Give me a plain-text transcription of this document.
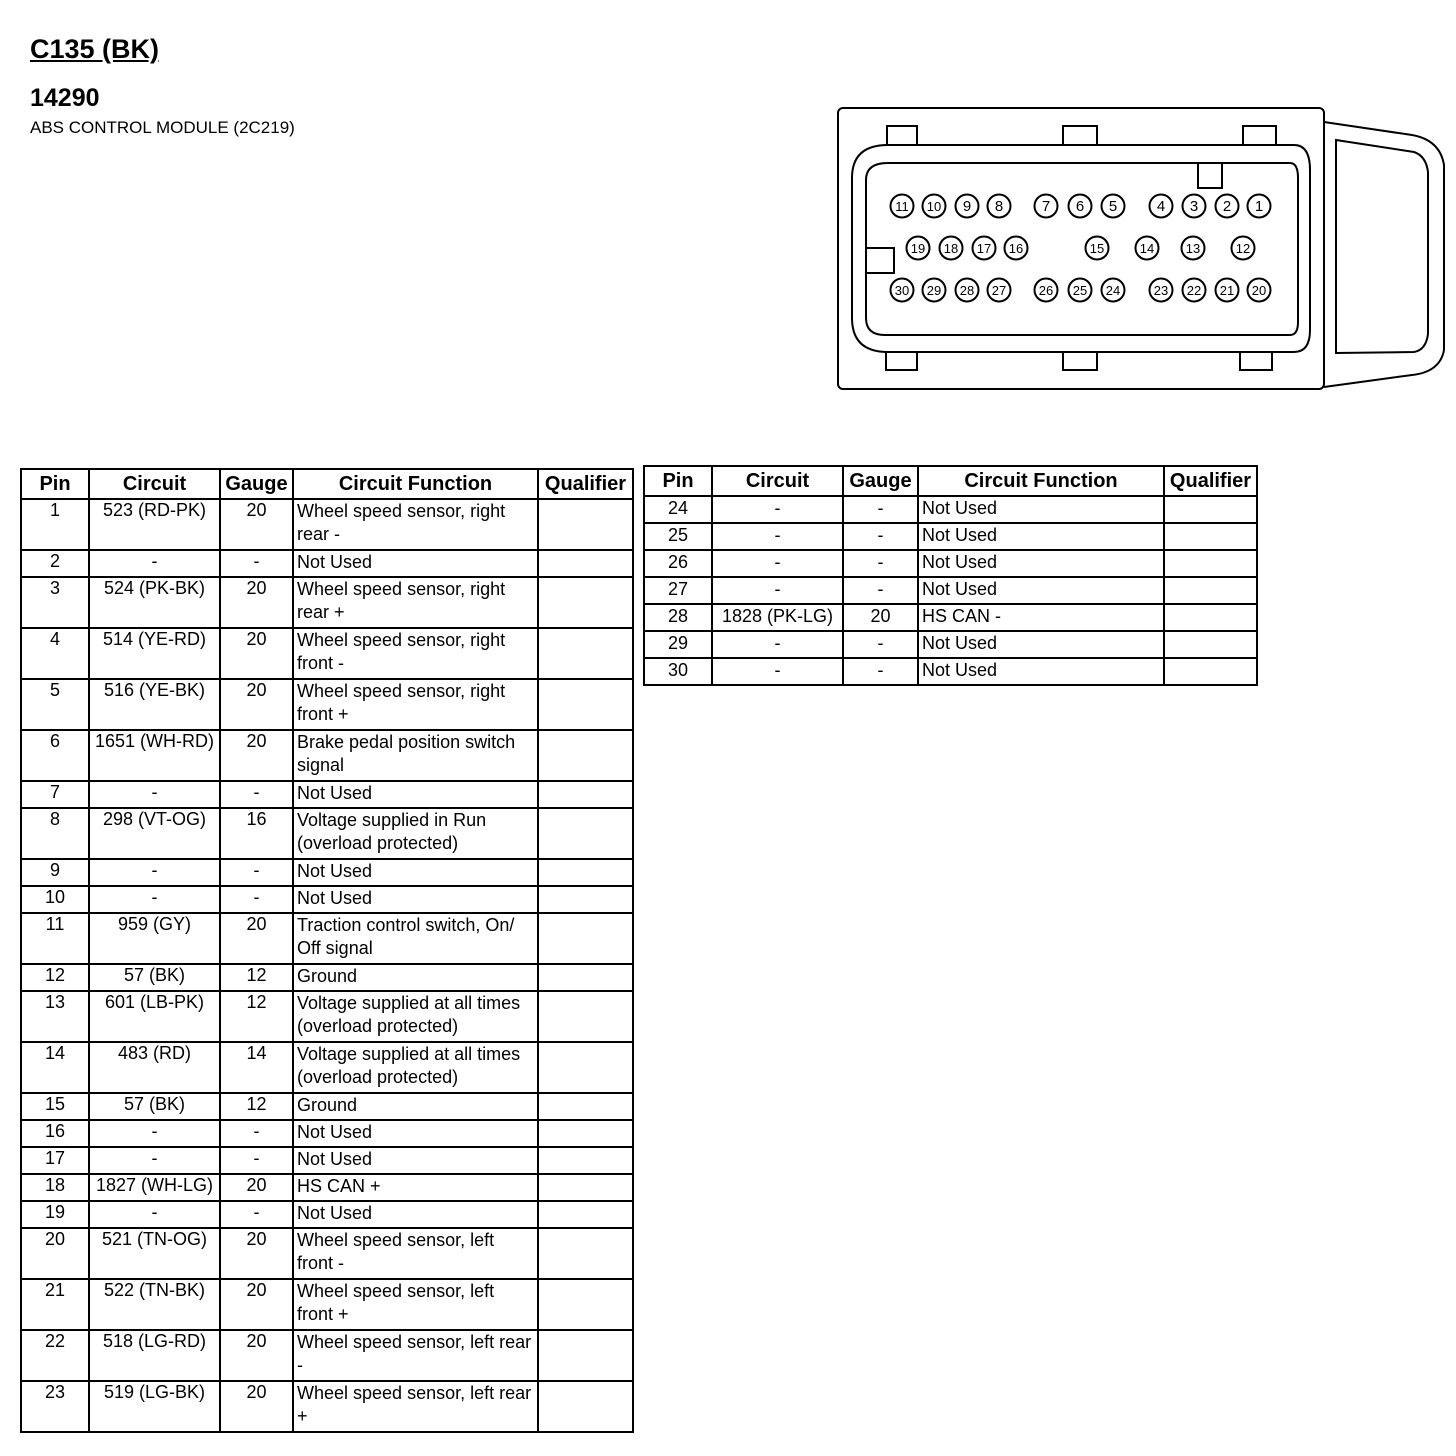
C135 (BK)
14290
ABS CONTROL MODULE (2C219)
11 10 9 8	7 6 5	4 3 2 1
19 18 17 16	15	14 13	12
30 29 28 27	26 25 24	23 22 21 20
Pin	Circuit	Gauge	Circuit Function	Qualifier
1	523 (RD-PK)	20	Wheel speed sensor, right rear -	
2	-	-	Not Used	
3	524 (PK-BK)	20	Wheel speed sensor, right rear +	
4	514 (YE-RD)	20	Wheel speed sensor, right front -	
5	516 (YE-BK)	20	Wheel speed sensor, right front +	
6	1651 (WH-RD)	20	Brake pedal position switch signal	
7	-	-	Not Used	
8	298 (VT-OG)	16	Voltage supplied in Run (overload protected)	
9	-	-	Not Used	
10	-	-	Not Used	
11	959 (GY)	20	Traction control switch, On/ Off signal	
12	57 (BK)	12	Ground	
13	601 (LB-PK)	12	Voltage supplied at all times (overload protected)	
14	483 (RD)	14	Voltage supplied at all times (overload protected)	
15	57 (BK)	12	Ground	
16	-	-	Not Used	
17	-	-	Not Used	
18	1827 (WH-LG)	20	HS CAN +	
19	-	-	Not Used	
20	521 (TN-OG)	20	Wheel speed sensor, left front -	
21	522 (TN-BK)	20	Wheel speed sensor, left front +	
22	518 (LG-RD)	20	Wheel speed sensor, left rear -	
23	519 (LG-BK)	20	Wheel speed sensor, left rear +	
Pin	Circuit	Gauge	Circuit Function	Qualifier
24	-	-	Not Used	
25	-	-	Not Used	
26	-	-	Not Used	
27	-	-	Not Used	
28	1828 (PK-LG)	20	HS CAN -	
29	-	-	Not Used	
30	-	-	Not Used	
